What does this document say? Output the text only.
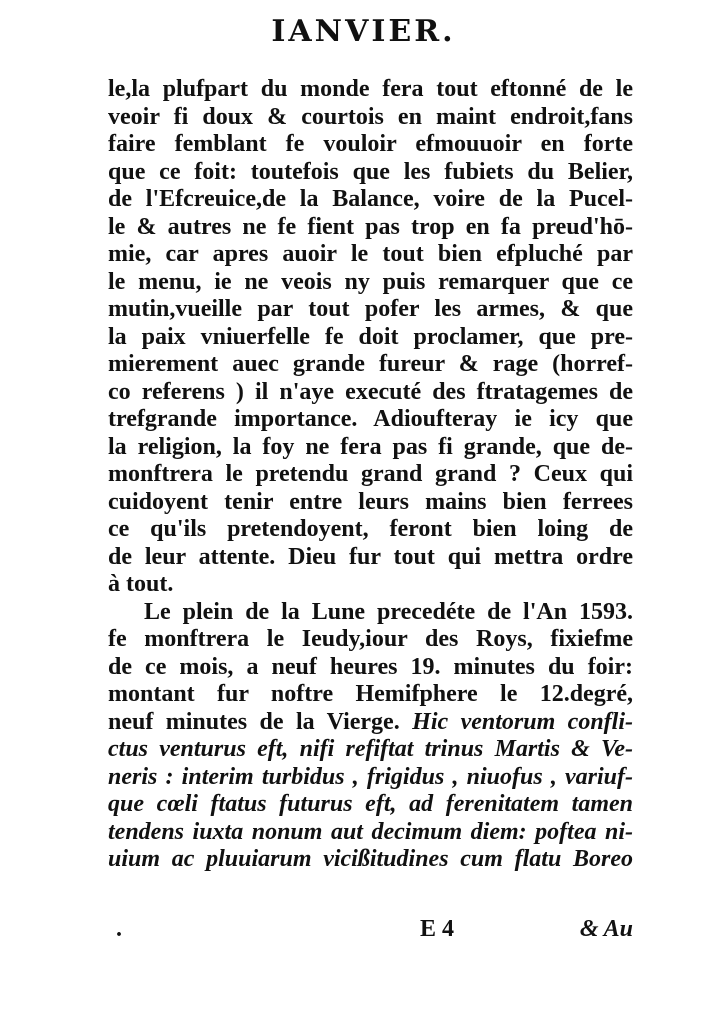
IANVIER.
le,la plufpart du monde fera tout eftonné de le
veoir fi doux & courtois en maint endroit,fans
faire femblant fe vouloir efmouuoir en forte
que ce foit: toutefois que les fubiets du Belier,
de l'Efcreuice,de la Balance, voire de la Pucel-
le & autres ne fe fient pas trop en fa preud'hō-
mie, car apres auoir le tout bien efpluché par
le menu, ie ne veois ny puis remarquer que ce
mutin,vueille par tout pofer les armes, & que
la paix vniuerfelle fe doit proclamer, que pre-
mierement auec grande fureur & rage (horref-
co referens ) il n'aye executé des ftratagemes de
trefgrande importance. Adioufteray ie icy que
la religion, la foy ne fera pas fi grande, que de-
monftrera le pretendu grand grand ? Ceux qui
cuidoyent tenir entre leurs mains bien ferrees
ce qu'ils pretendoyent, feront bien loing de
de leur attente. Dieu fur tout qui mettra ordre
à tout.
Le plein de la Lune precedéte de l'An 1593.
fe monftrera le Ieudy,iour des Roys, fixiefme
de ce mois, a neuf heures 19. minutes du foir:
montant fur noftre Hemifphere le 12.degré,
neuf minutes de la Vierge. Hic ventorum confli-
ctus venturus eft, nifi refiftat trinus Martis & Ve-
neris : interim turbidus , frigidus , niuofus , variuf-
que cœli ftatus futurus eft, ad ferenitatem tamen
tendens iuxta nonum aut decimum diem: poftea ni-
uium ac pluuiarum vicißitudines cum flatu Boreo
.	E 4	& Au
